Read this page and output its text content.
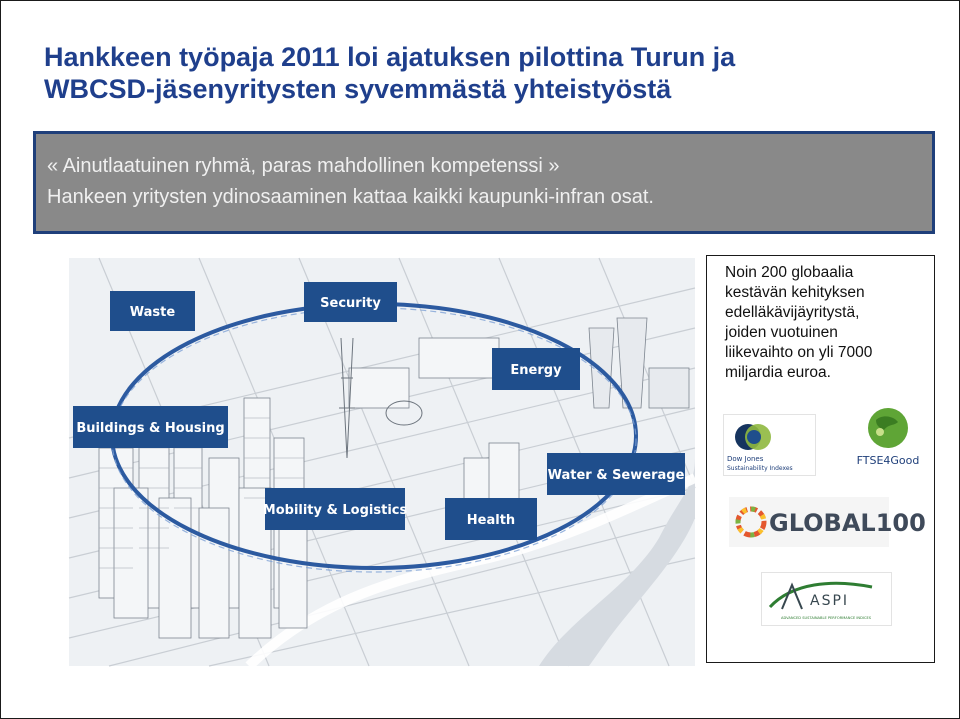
Hankkeen työpaja 2011 loi ajatuksen pilottina Turun ja
WBCSD-jäsenyritysten syvemmästä yhteistyöstä
« Ainutlaatuinen ryhmä, paras mahdollinen kompetenssi »
Hankeen yritysten ydinosaaminen kattaa kaikki kaupunki-infran osat.
Waste
Security
Energy
Buildings & Housing
Water & Sewerage
Mobility & Logistics
Health
Noin 200 globaalia
kestävän kehityksen
edelläkävijäyritystä,
joiden vuotuinen
liikevaihto on yli 7000
miljardia euroa.
Dow Jones
Sustainability Indexes
FTSE4Good
GLOBAL100
ASPI
ADVANCED SUSTAINABLE PERFORMANCE INDICES
